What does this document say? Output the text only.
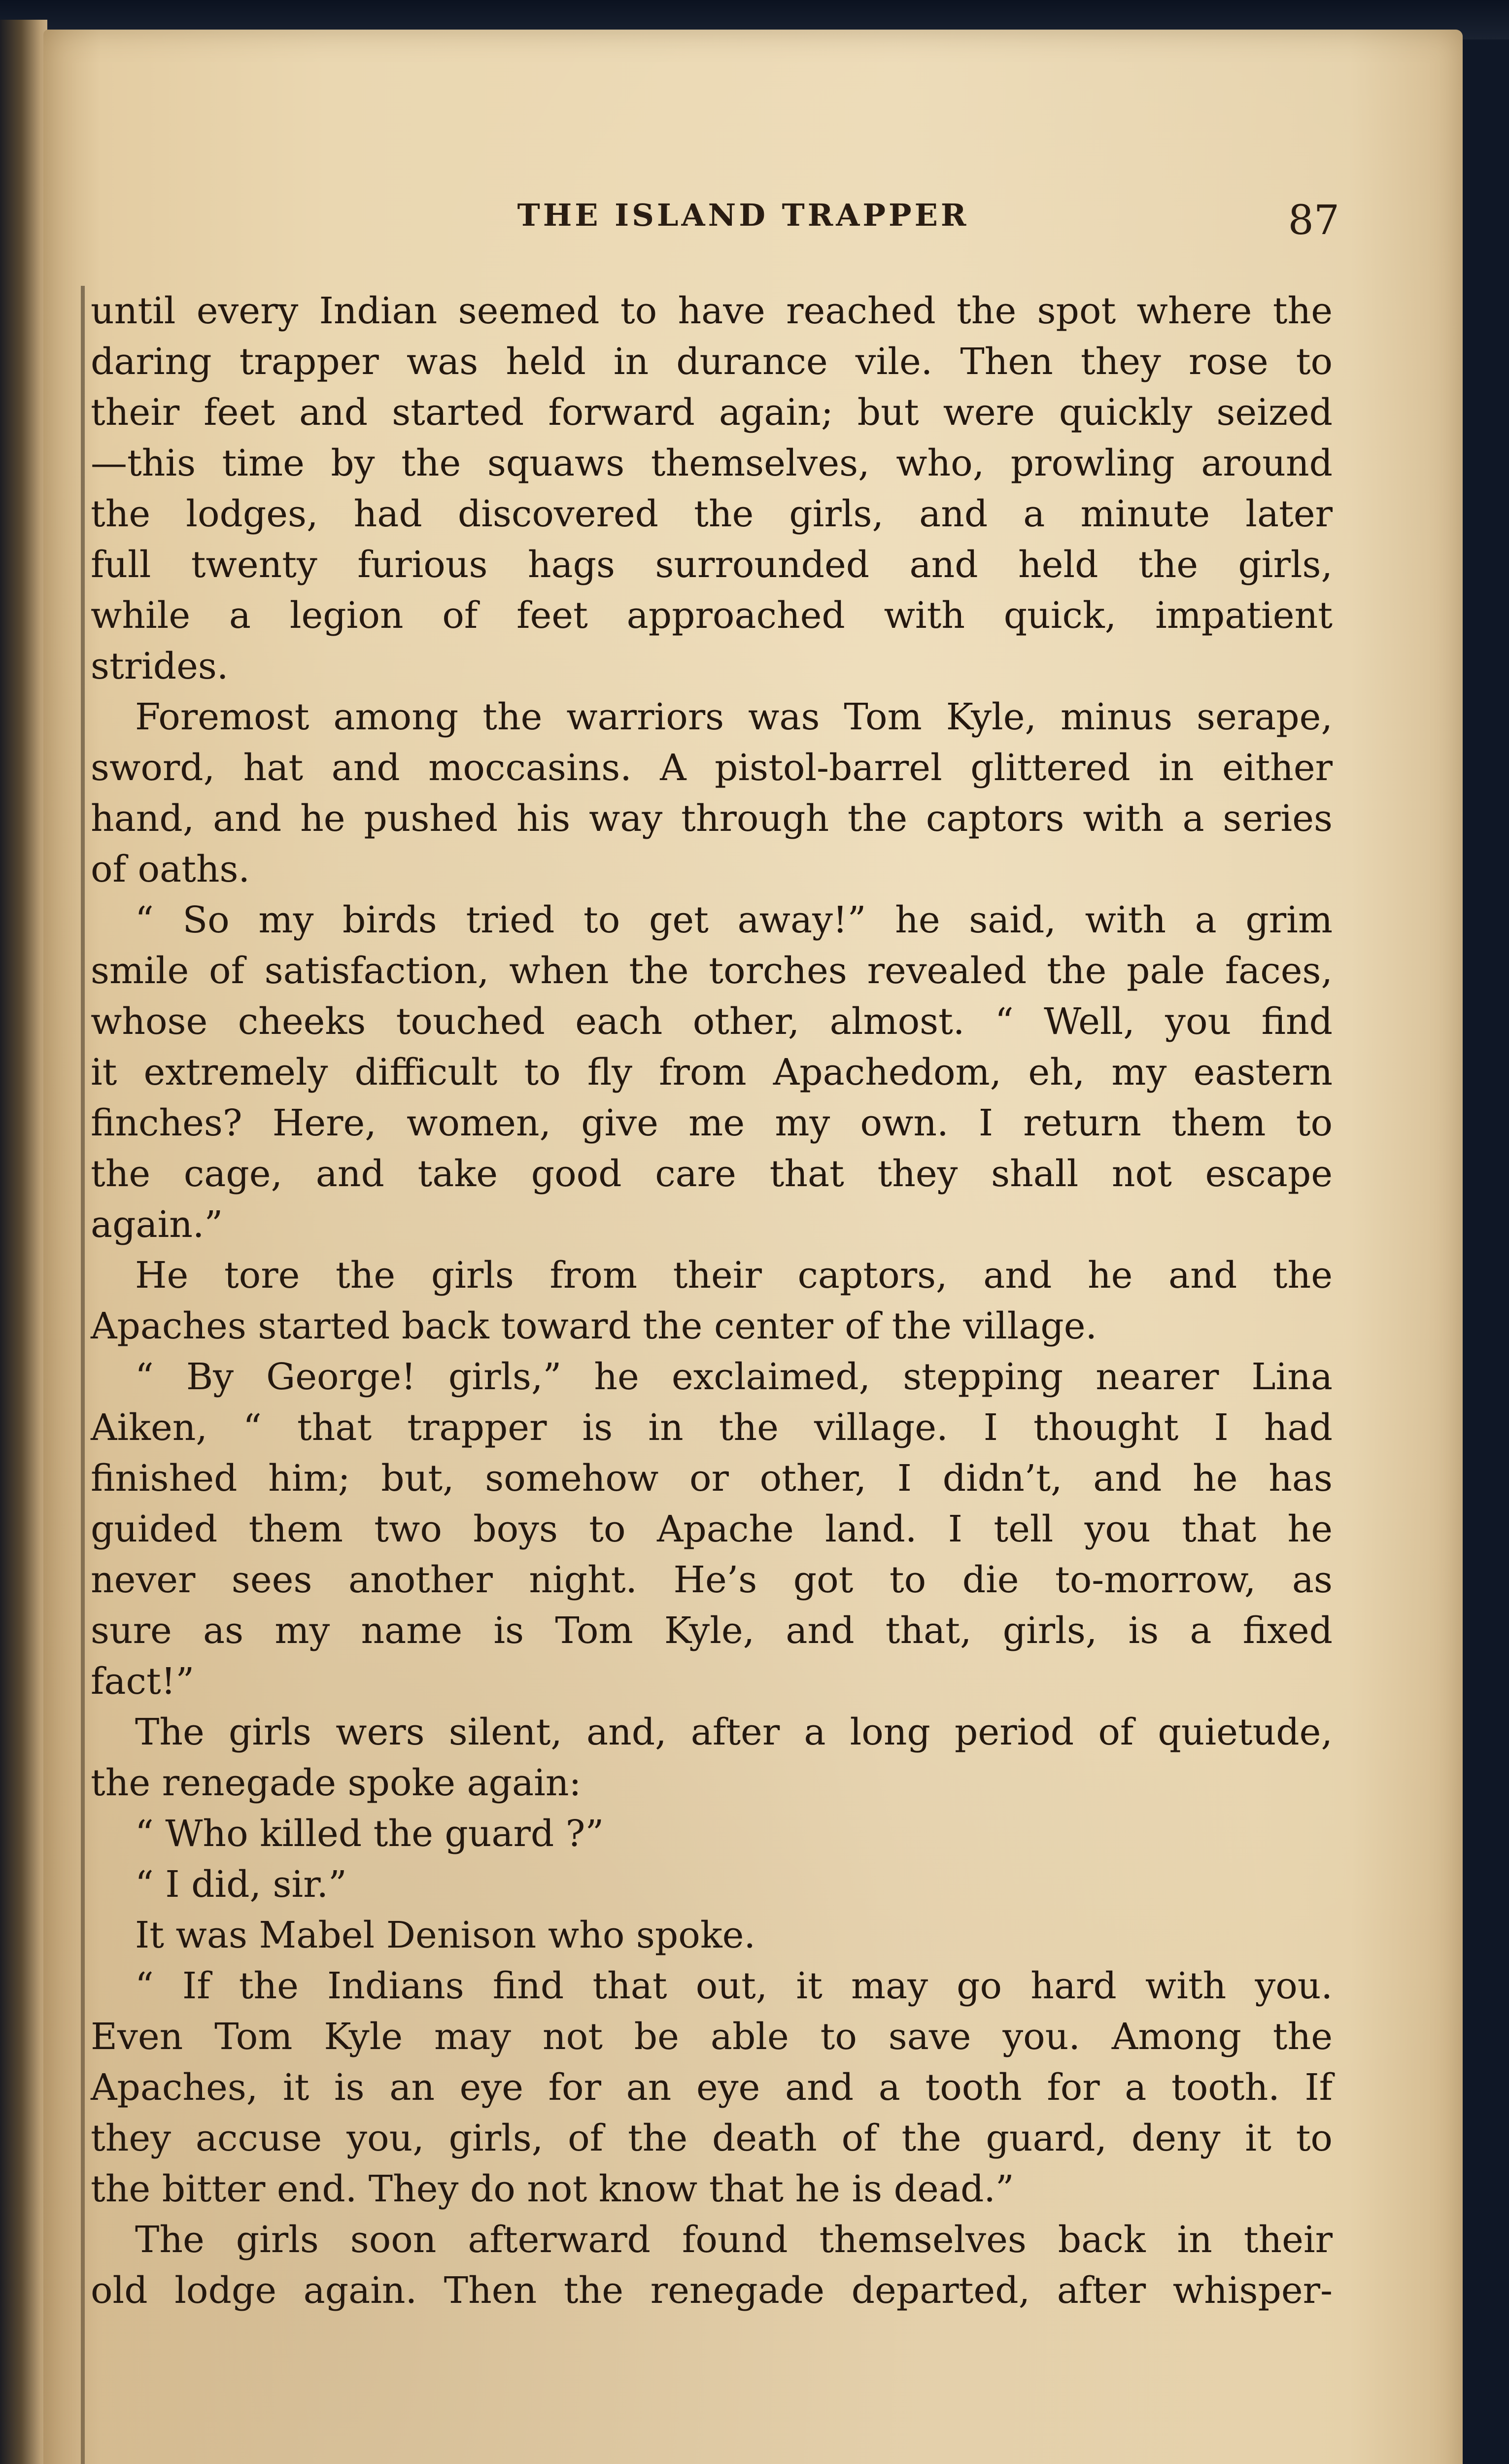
THE ISLAND TRAPPER	87
until every Indian seemed to have reached the spot where the
daring trapper was held in durance vile. Then they rose to
their feet and started forward again; but were quickly seized
—this time by the squaws themselves, who, prowling around
the lodges, had discovered the girls, and a minute later
full twenty furious hags surrounded and held the girls,
while a legion of feet approached with quick, impatient
strides.
Foremost among the warriors was Tom Kyle, minus serape,
sword, hat and moccasins. A pistol-barrel glittered in either
hand, and he pushed his way through the captors with a series
of oaths.
“ So my birds tried to get away!” he said, with a grim
smile of satisfaction, when the torches revealed the pale faces,
whose cheeks touched each other, almost. “ Well, you find
it extremely difficult to fly from Apachedom, eh, my eastern
finches? Here, women, give me my own. I return them to
the cage, and take good care that they shall not escape
again.”
He tore the girls from their captors, and he and the
Apaches started back toward the center of the village.
“ By George! girls,” he exclaimed, stepping nearer Lina
Aiken, “ that trapper is in the village. I thought I had
finished him; but, somehow or other, I didn’t, and he has
guided them two boys to Apache land. I tell you that he
never sees another night. He’s got to die to-morrow, as
sure as my name is Tom Kyle, and that, girls, is a fixed
fact!”
The girls wers silent, and, after a long period of quietude,
the renegade spoke again:
“ Who killed the guard ?”
“ I did, sir.”
It was Mabel Denison who spoke.
“ If the Indians find that out, it may go hard with you.
Even Tom Kyle may not be able to save you. Among the
Apaches, it is an eye for an eye and a tooth for a tooth. If
they accuse you, girls, of the death of the guard, deny it to
the bitter end. They do not know that he is dead.”
The girls soon afterward found themselves back in their
old lodge again. Then the renegade departed, after whisper-
